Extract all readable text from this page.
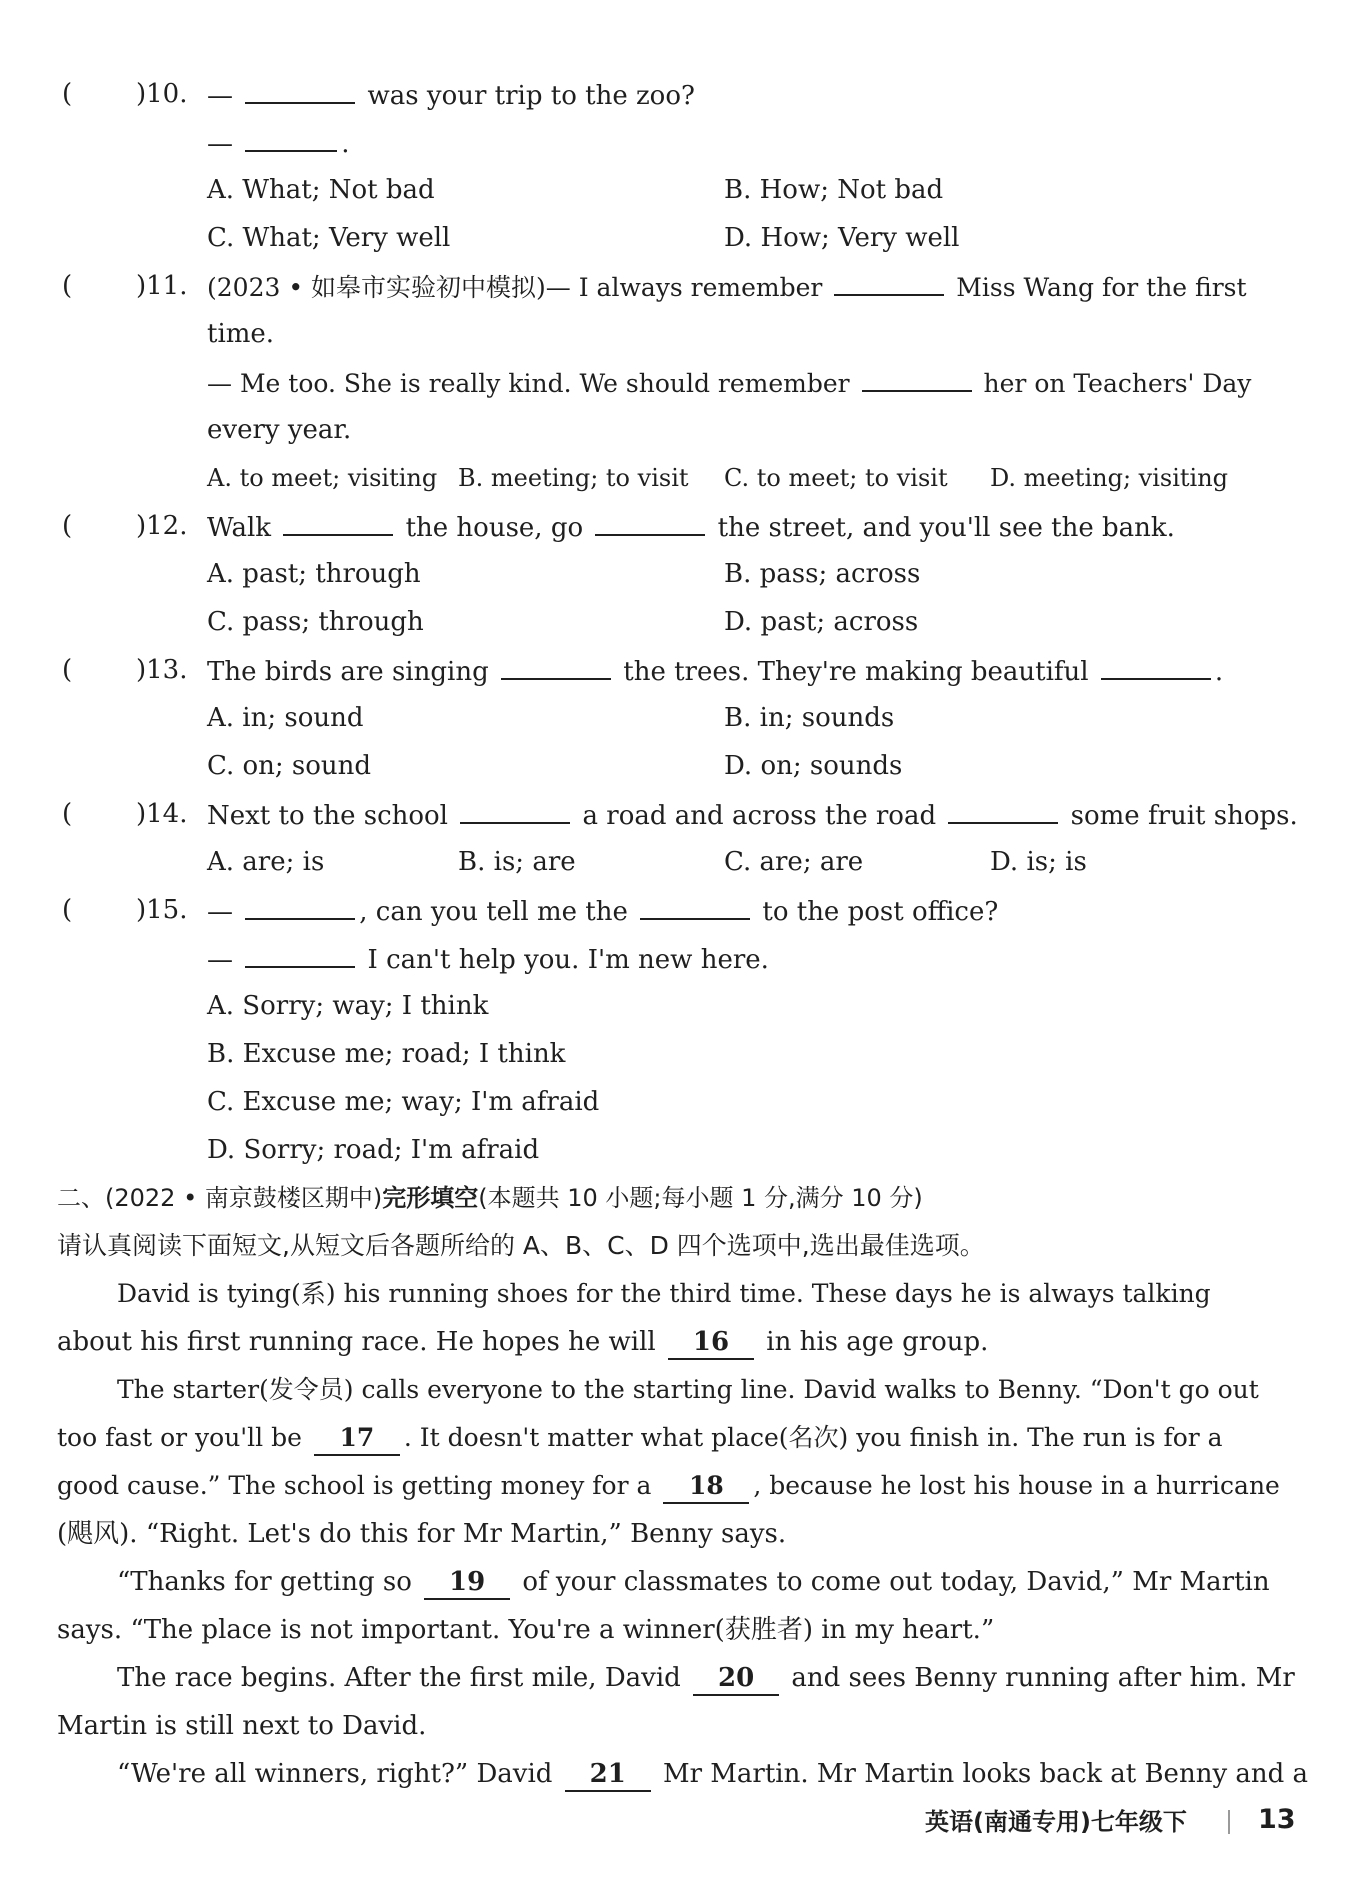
( )10. —	was your trip to the zoo?
—	.
A. What; Not bad	B. How; Not bad
C. What; Very well	D. How; Very well
( )11. (2023 • 如皋市实验初中模拟)— I always remember	Miss Wang for the first
time.
— Me too. She is really kind. We should remember	her on Teachers' Day
every year.
A. to meet; visiting B. meeting; to visit C. to meet; to visit D. meeting; visiting
( )12. Walk	the house, go	the street, and you'll see the bank.
A. past; through	B. pass; across
C. pass; through	D. past; across
( )13. The birds are singing	the trees. They're making beautiful	.
A. in; sound	B. in; sounds
C. on; sound	D. on; sounds
( )14. Next to the school	a road and across the road	some fruit shops.
A. are; is	B. is; are	C. are; are	D. is; is
( )15. —	, can you tell me the	to the post office?
—	I can't help you. I'm new here.
A. Sorry; way; I think
B. Excuse me; road; I think
C. Excuse me; way; I'm afraid
D. Sorry; road; I'm afraid
二、(2022 • 南京鼓楼区期中)完形填空(本题共 10 小题;每小题 1 分,满分 10 分)
请认真阅读下面短文,从短文后各题所给的 A、B、C、D 四个选项中,选出最佳选项。
David is tying(系) his running shoes for the third time. These days he is always talking
about his first running race. He hopes he will 16 in his age group.
The starter(发令员) calls everyone to the starting line. David walks to Benny. “Don't go out
too fast or you'll be 17 . It doesn't matter what place(名次) you finish in. The run is for a
good cause.” The school is getting money for a 18 , because he lost his house in a hurricane
(飓风). “Right. Let's do this for Mr Martin,” Benny says.
“Thanks for getting so 19 of your classmates to come out today, David,” Mr Martin
says. “The place is not important. You're a winner(获胜者) in my heart.”
The race begins. After the first mile, David 20 and sees Benny running after him. Mr
Martin is still next to David.
“We're all winners, right?” David 21 Mr Martin. Mr Martin looks back at Benny and a
英语(南通专用)七年级下	13
